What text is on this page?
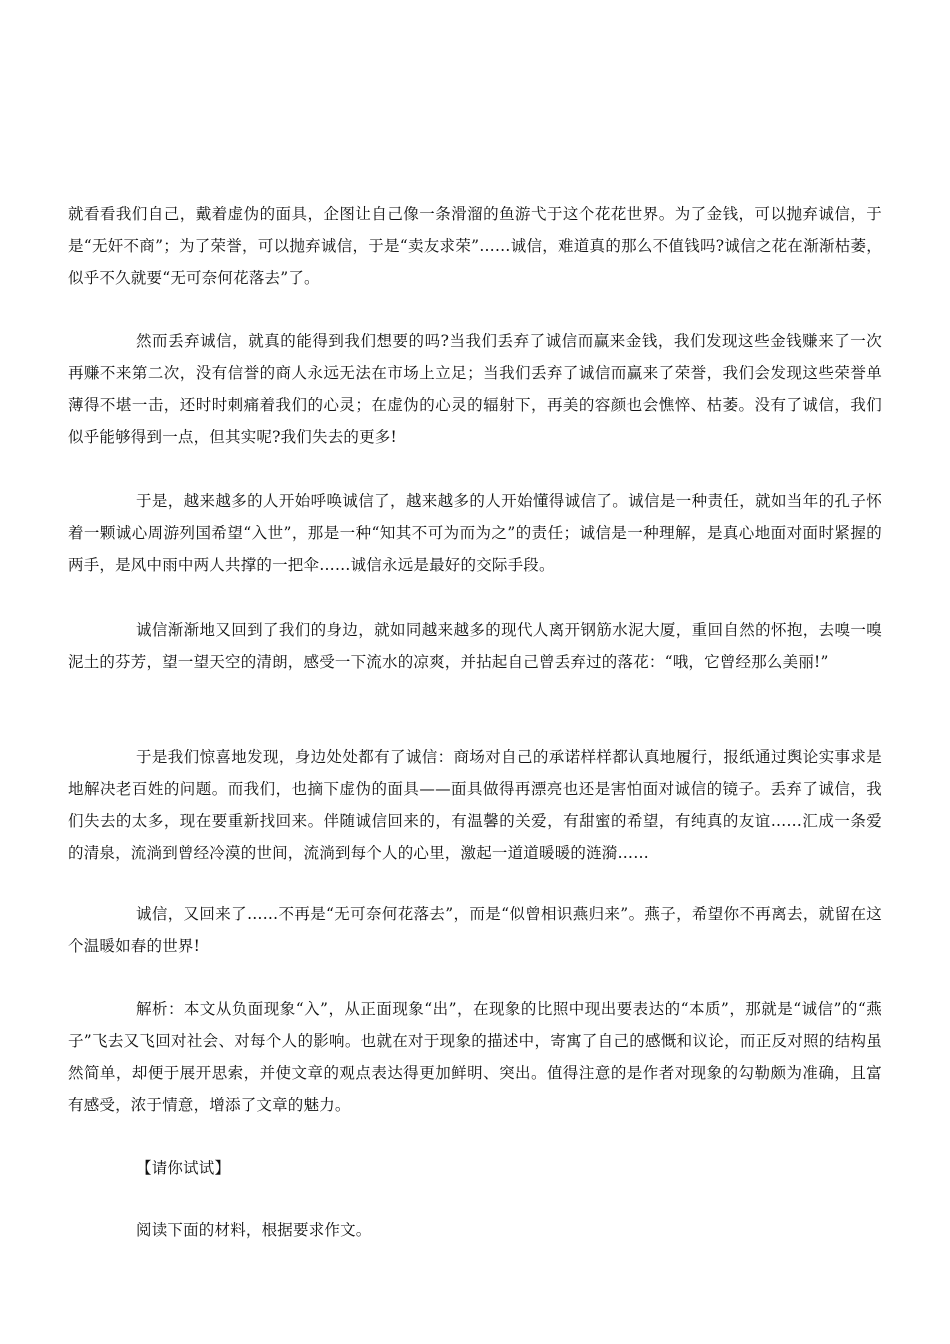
就看看我们自己，戴着虚伪的面具，企图让自己像一条滑溜的鱼游弋于这个花花世界。为了金钱，可以抛弃诚信，于是“无奸不商”；为了荣誉，可以抛弃诚信，于是“卖友求荣”……诚信，难道真的那么不值钱吗?诚信之花在渐渐枯萎，似乎不久就要“无可奈何花落去”了。

然而丢弃诚信，就真的能得到我们想要的吗?当我们丢弃了诚信而赢来金钱，我们发现这些金钱赚来了一次再赚不来第二次，没有信誉的商人永远无法在市场上立足；当我们丢弃了诚信而赢来了荣誉，我们会发现这些荣誉单薄得不堪一击，还时时刺痛着我们的心灵；在虚伪的心灵的辐射下，再美的容颜也会憔悴、枯萎。没有了诚信，我们似乎能够得到一点，但其实呢?我们失去的更多!

于是，越来越多的人开始呼唤诚信了，越来越多的人开始懂得诚信了。诚信是一种责任，就如当年的孔子怀着一颗诚心周游列国希望“入世”，那是一种“知其不可为而为之”的责任；诚信是一种理解，是真心地面对面时紧握的两手，是风中雨中两人共撑的一把伞……诚信永远是最好的交际手段。

诚信渐渐地又回到了我们的身边，就如同越来越多的现代人离开钢筋水泥大厦，重回自然的怀抱，去嗅一嗅泥土的芬芳，望一望天空的清朗，感受一下流水的凉爽，并拈起自己曾丢弃过的落花：“哦，它曾经那么美丽!”

于是我们惊喜地发现，身边处处都有了诚信：商场对自己的承诺样样都认真地履行，报纸通过舆论实事求是地解决老百姓的问题。而我们，也摘下虚伪的面具——面具做得再漂亮也还是害怕面对诚信的镜子。丢弃了诚信，我们失去的太多，现在要重新找回来。伴随诚信回来的，有温馨的关爱，有甜蜜的希望，有纯真的友谊……汇成一条爱的清泉，流淌到曾经冷漠的世间，流淌到每个人的心里，激起一道道暖暖的涟漪……

诚信，又回来了……不再是“无可奈何花落去”，而是“似曾相识燕归来”。燕子，希望你不再离去，就留在这个温暖如春的世界!

解析：本文从负面现象“入”，从正面现象“出”，在现象的比照中现出要表达的“本质”，那就是“诚信”的“燕子”飞去又飞回对社会、对每个人的影响。也就在对于现象的描述中，寄寓了自己的感慨和议论，而正反对照的结构虽然简单，却便于展开思索，并使文章的观点表达得更加鲜明、突出。值得注意的是作者对现象的勾勒颇为准确，且富有感受，浓于情意，增添了文章的魅力。

【请你试试】

阅读下面的材料，根据要求作文。
